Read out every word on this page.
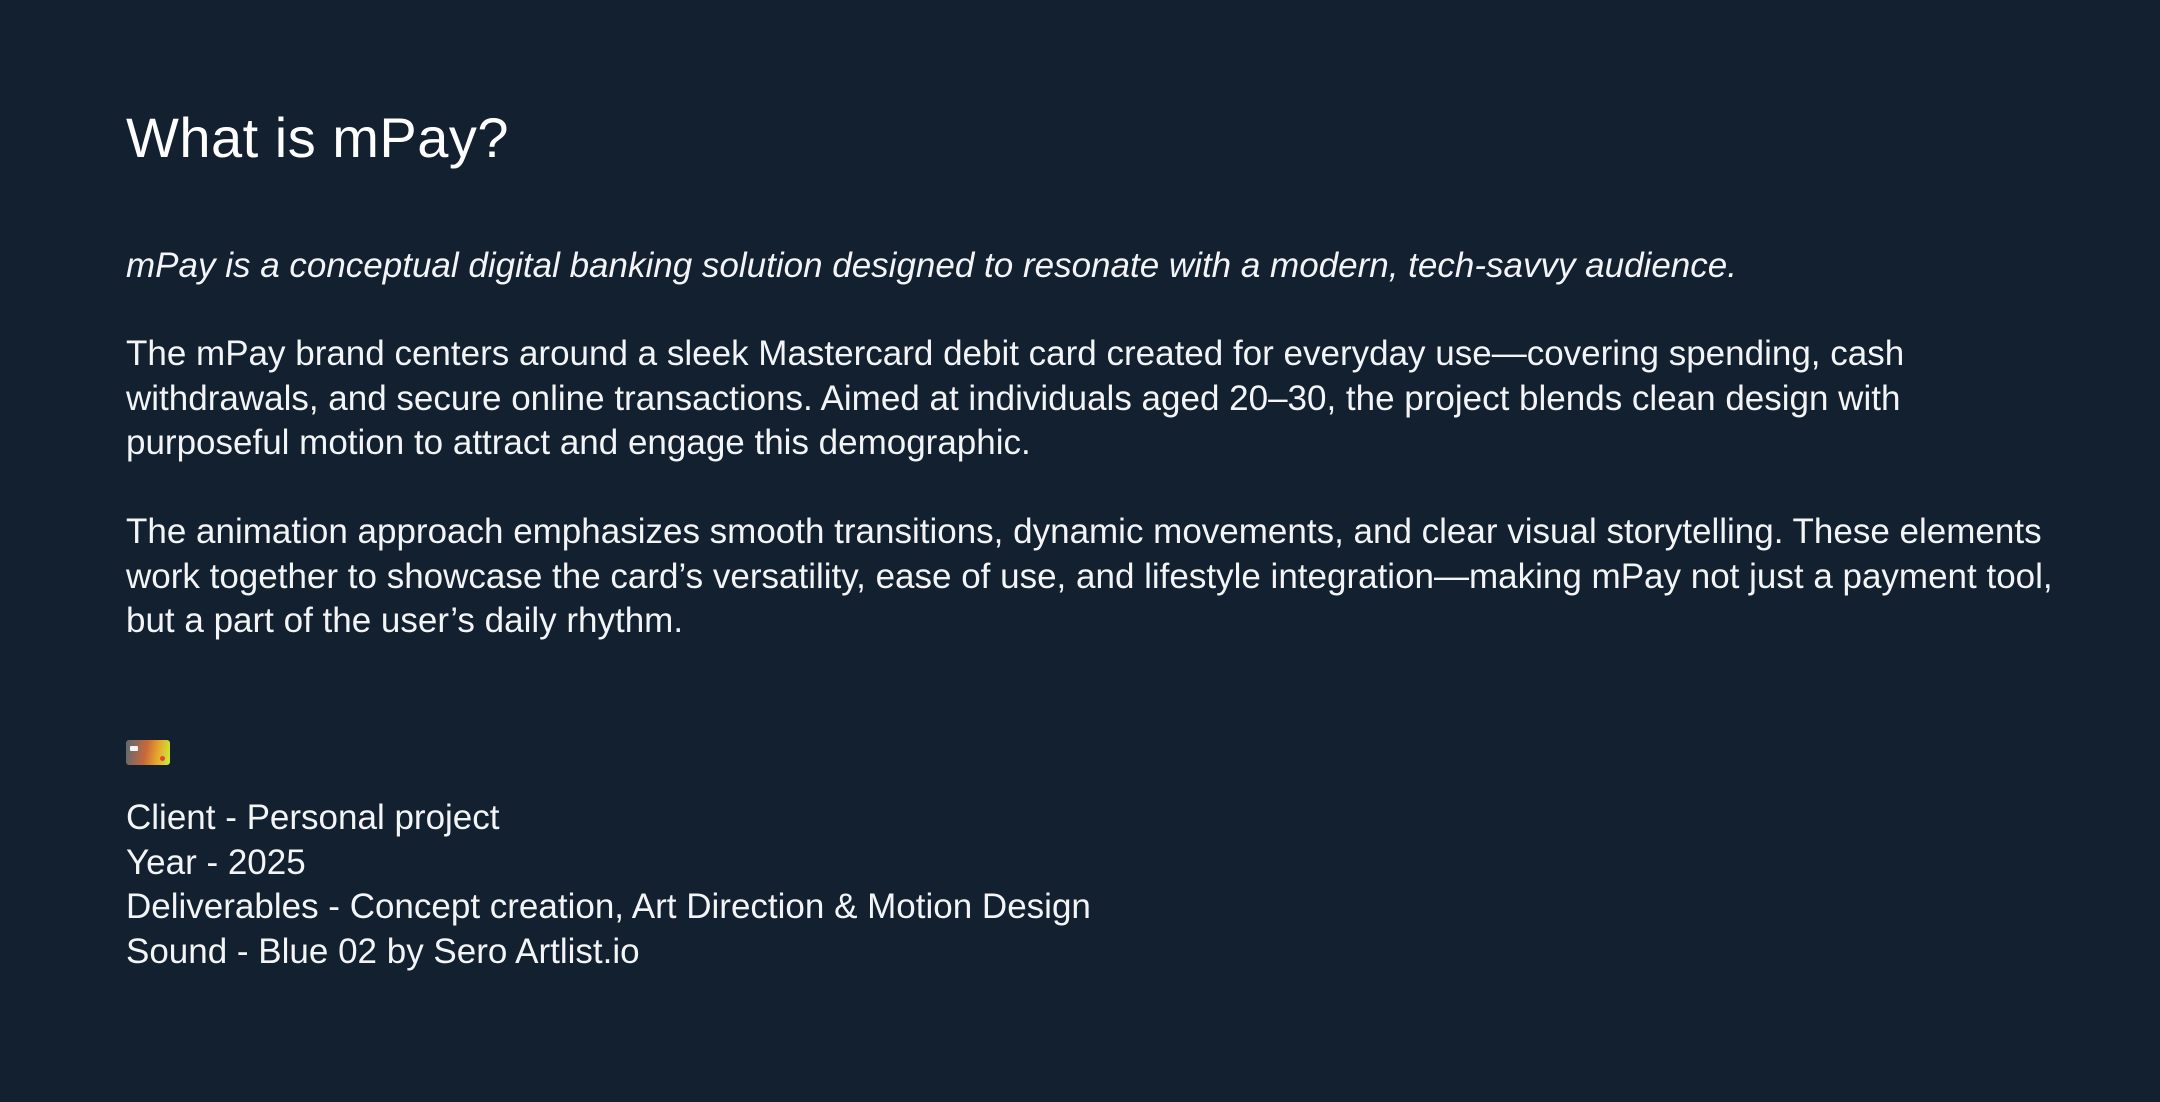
What is mPay?

mPay is a conceptual digital banking solution designed to resonate with a modern, tech-savvy audience.

The mPay brand centers around a sleek Mastercard debit card created for everyday use—covering spending, cash withdrawals, and secure online transactions. Aimed at individuals aged 20–30, the project blends clean design with purposeful motion to attract and engage this demographic.

The animation approach emphasizes smooth transitions, dynamic movements, and clear visual storytelling. These elements work together to showcase the card’s versatility, ease of use, and lifestyle integration—making mPay not just a payment tool, but a part of the user’s daily rhythm.

Client - Personal project
Year - 2025
Deliverables - Concept creation, Art Direction & Motion Design
Sound - Blue 02 by Sero Artlist.io
